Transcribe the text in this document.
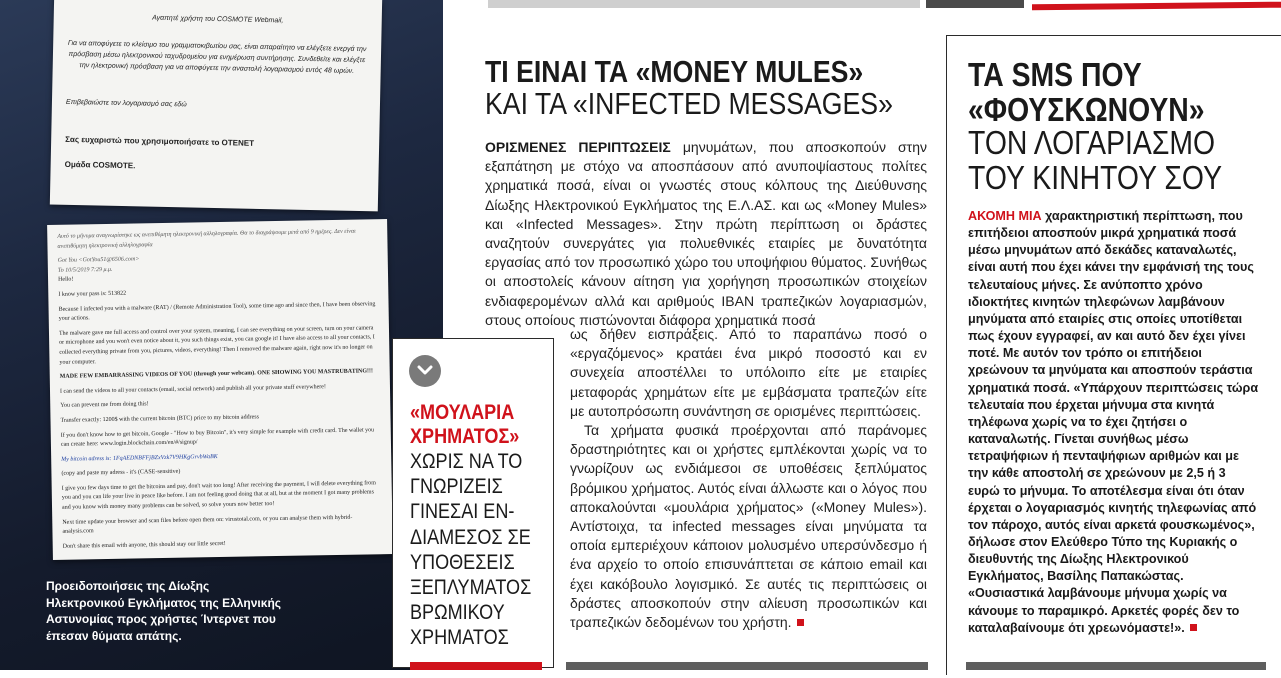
Αγαπητέ χρήστη του COSMOTE Webmail,
Για να αποφύγετε το κλείσιμο του γραμματοκιβωτίου σας, είναι απαραίτητο να ελέγξετε ενεργά την πρόσβαση μέσω ηλεκτρονικού ταχυδρομείου για ενημέρωση συντήρησης. Συνδεθείτε και ελέγξτε την ηλεκτρονική πρόσβαση για να αποφύγετε την αναστολή λογαριασμού εντός 48 ωρών.
Επιβεβαιώστε τον λογαριασμό σας εδώ
Σας ευχαριστώ που χρησιμοποιήσατε το OTENET
Ομάδα COSMOTE.
Αυτό το μήνυμα αναγνωρίστηκε ως ανεπιθύμητη ηλεκτρονική αλληλογραφία. Θα το διαγράψουμε μετά από 9 ημέρες. Δεν είναι ανεπιθύμητη ηλεκτρονική αλληλογραφία
Got You <GotYou51@6506.com>
Το 10/5/2019 7:29 μ.μ.
Hello!
I know your pass is: 513822
Because I infected you with a malware (RAT) / (Remote Administration Tool), some time ago and since then, I have been observing your actions.
The malware gave me full access and control over your system, meaning, I can see everything on your screen, turn on your camera or microphone and you won't even notice about it, you such things exist, you can google it! I have also access to all your contacts, I collected everything private from you, pictures, videos, everything! Then I removed the malware again, right now it's no longer on your computer.
MADE FEW EMBARRASSING VIDEOS OF YOU (through your webcam). ONE SHOWING YOU MASTRUBATING!!!
I can send the videos to all your contacts (email, social network) and publish all your private stuff everywhere!
You can prevent me from doing this!
Transfer exactly: 1200$ with the current bitcoin (BTC) price to my bitcoin address
If you don't know how to get bitcoin, Google - "How to buy Bitcoin", it's very simple for example with credit card. The wallet you can create here: www.login.blockchain.com/en/#/signup/
My bitcoin adress is: 1FqAEDNBFFjBZxVzk7V9HKgGrvbWaBK
(copy and paste my adress - it's (CASE-sensitive)
I give you few days time to get the bitcoins and pay, don't wait too long! After receiving the payment, I will delete everything from you and you can life your live in peace like before. I am not feeling good doing that at all, but at the moment I got many problems and you know with money many problems can be solved, so solve yours now better too!
Next time update your browser and scan files before open them on: virustotal.com, or you can analyse them with hybrid-analysis.com
Don't share this email with anyone, this should stay our little secret!
Προειδοποιήσεις της Δίωξης Ηλεκτρονικού Εγκλήματος της Ελληνικής Αστυνομίας προς χρήστες Ίντερνετ που έπεσαν θύματα απάτης.
«ΜΟΥΛΑΡΙΑ ΧΡΗΜΑΤΟΣ»
ΧΩΡΙΣ ΝΑ ΤΟ ΓΝΩΡΙΖΕΙΣ ΓΙΝΕΣΑΙ ΕΝ-ΔΙΑΜΕΣΟΣ ΣΕ ΥΠΟΘΕΣΕΙΣ ΞΕΠΛΥΜΑΤΟΣ ΒΡΩΜΙΚΟΥ ΧΡΗΜΑΤΟΣ
ΤΙ ΕΙΝΑΙ ΤΑ «MONEY MULES»
ΚΑΙ ΤΑ «INFECTED MESSAGES»
ΟΡΙΣΜΕΝΕΣ ΠΕΡΙΠΤΩΣΕΙΣ μηνυμάτων, που αποσκοπούν στην εξαπάτηση με στόχο να αποσπάσουν από ανυποψίαστους πολίτες χρηματικά ποσά, είναι οι γνωστές στους κόλπους της Διεύθυνσης Δίωξης Ηλεκτρονικού Εγκλήματος της Ε.Λ.ΑΣ. και ως «Money Mules» και «Infected Messages». Στην πρώτη περίπτωση οι δράστες αναζητούν συνεργάτες για πολυεθνικές εταιρίες με δυνατότητα εργασίας από τον προσωπικό χώρο του υποψήφιου θύματος. Συνήθως οι αποστολείς κάνουν αίτηση για χορήγηση προσωπικών στοιχείων ενδιαφερομένων αλλά και αριθμούς IBAN τραπεζικών λογαριασμών, στους οποίους πιστώνονται διάφορα χρηματικά ποσά
ως δήθεν εισπράξεις. Από το παραπάνω ποσό ο «εργαζόμενος» κρατάει ένα μικρό ποσοστό και εν συνεχεία αποστέλλει το υπόλοιπο είτε με εταιρίες μεταφοράς χρημάτων είτε με εμβάσματα τραπεζών είτε με αυτοπρόσωπη συνάντηση σε ορισμένες περιπτώσεις.
Τα χρήματα φυσικά προέρχονται από παράνομες δραστηριότητες και οι χρήστες εμπλέκονται χωρίς να το γνωρίζουν ως ενδιάμεσοι σε υποθέσεις ξεπλύματος βρόμικου χρήματος. Αυτός είναι άλλωστε και ο λόγος που αποκαλούνται «μουλάρια χρήματος» («Money Mules»). Αντίστοιχα, τα infected messages είναι μηνύματα τα οποία εμπεριέχουν κάποιον μολυσμένο υπερσύνδεσμο ή ένα αρχείο το οποίο επισυνάπτεται σε κάποιο email και έχει κακόβουλο λογισμικό. Σε αυτές τις περιπτώσεις οι δράστες αποσκοπούν στην αλίευση προσωπικών και τραπεζικών δεδομένων του χρήστη.
ΤΑ SMS ΠΟΥ «ΦΟΥΣΚΩΝΟΥΝ»
ΤΟΝ ΛΟΓΑΡΙΑΣΜΟ ΤΟΥ ΚΙΝΗΤΟΥ ΣΟΥ
ΑΚΟΜΗ ΜΙΑ χαρακτηριστική περίπτωση, που επιτήδειοι αποσπούν μικρά χρηματικά ποσά μέσω μηνυμάτων από δεκάδες καταναλωτές, είναι αυτή που έχει κάνει την εμφάνισή της τους τελευταίους μήνες. Σε ανύποπτο χρόνο ιδιοκτήτες κινητών τηλεφώνων λαμβάνουν μηνύματα από εταιρίες στις οποίες υποτίθεται πως έχουν εγγραφεί, αν και αυτό δεν έχει γίνει ποτέ. Με αυτόν τον τρόπο οι επιτήδειοι χρεώνουν τα μηνύματα και αποσπούν τεράστια χρηματικά ποσά. «Υπάρχουν περιπτώσεις τώρα τελευταία που έρχεται μήνυμα στα κινητά τηλέφωνα χωρίς να το έχει ζητήσει ο καταναλωτής. Γίνεται συνήθως μέσω τετραψήφιων ή πενταψήφιων αριθμών και με την κάθε αποστολή σε χρεώνουν με 2,5 ή 3 ευρώ το μήνυμα. Το αποτέλεσμα είναι ότι όταν έρχεται ο λογαριασμός κινητής τηλεφωνίας από τον πάροχο, αυτός είναι αρκετά φουσκωμένος», δήλωσε στον Ελεύθερο Τύπο της Κυριακής ο διευθυντής της Δίωξης Ηλεκτρονικού Εγκλήματος, Βασίλης Παπακώστας. «Ουσιαστικά λαμβάνουμε μήνυμα χωρίς να κάνουμε το παραμικρό. Αρκετές φορές δεν το καταλαβαίνουμε ότι χρεωνόμαστε!».
